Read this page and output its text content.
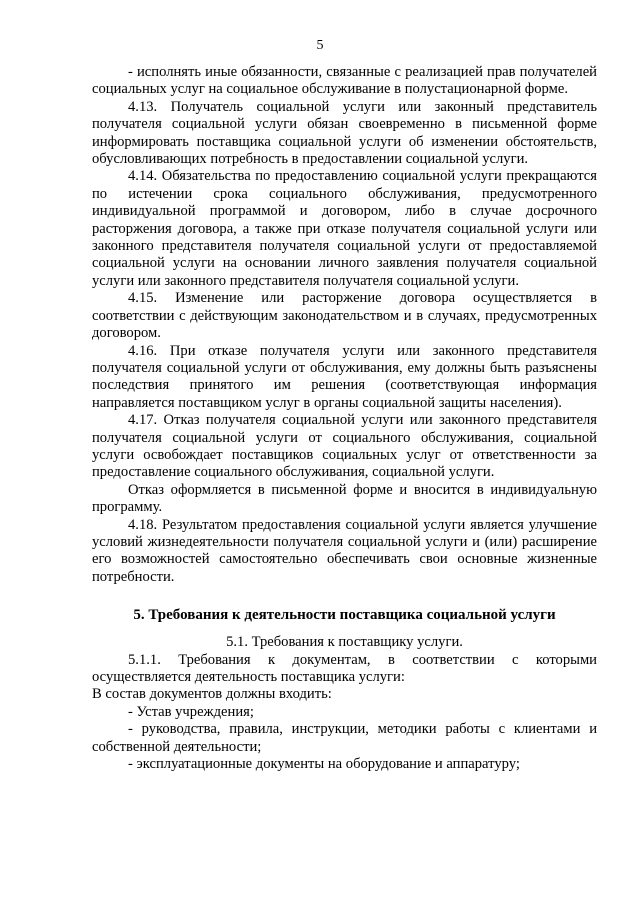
5

- исполнять иные обязанности, связанные с реализацией прав получателей социальных услуг на социальное обслуживание в полустационарной форме.

4.13. Получатель социальной услуги или законный представитель получателя социальной услуги обязан своевременно в письменной форме информировать поставщика социальной услуги об изменении обстоятельств, обусловливающих потребность в предоставлении социальной услуги.

4.14. Обязательства по предоставлению социальной услуги прекращаются по истечении срока социального обслуживания, предусмотренного индивидуальной программой и договором, либо в случае досрочного расторжения договора, а также при отказе получателя социальной услуги или законного представителя получателя социальной услуги от предоставляемой социальной услуги на основании личного заявления получателя социальной услуги или законного представителя получателя социальной услуги.

4.15. Изменение или расторжение договора осуществляется в соответствии с действующим законодательством и в случаях, предусмотренных договором.

4.16. При отказе получателя услуги или законного представителя получателя социальной услуги от обслуживания, ему должны быть разъяснены последствия принятого им решения (соответствующая информация направляется поставщиком услуг в органы социальной защиты населения).

4.17. Отказ получателя социальной услуги или законного представителя получателя социальной услуги от социального обслуживания, социальной услуги освобождает поставщиков социальных услуг от ответственности за предоставление социального обслуживания, социальной услуги.

Отказ оформляется в письменной форме и вносится в индивидуальную программу.

4.18. Результатом предоставления социальной услуги является улучшение условий жизнедеятельности получателя социальной услуги и (или) расширение его возможностей самостоятельно обеспечивать свои основные жизненные потребности.

5. Требования к деятельности поставщика социальной услуги

5.1. Требования к поставщику услуги.

5.1.1. Требования к документам, в соответствии с которыми осуществляется деятельность поставщика услуги:

В состав документов должны входить:

- Устав учреждения;

- руководства, правила, инструкции, методики работы с клиентами и собственной деятельности;

- эксплуатационные документы на оборудование и аппаратуру;
